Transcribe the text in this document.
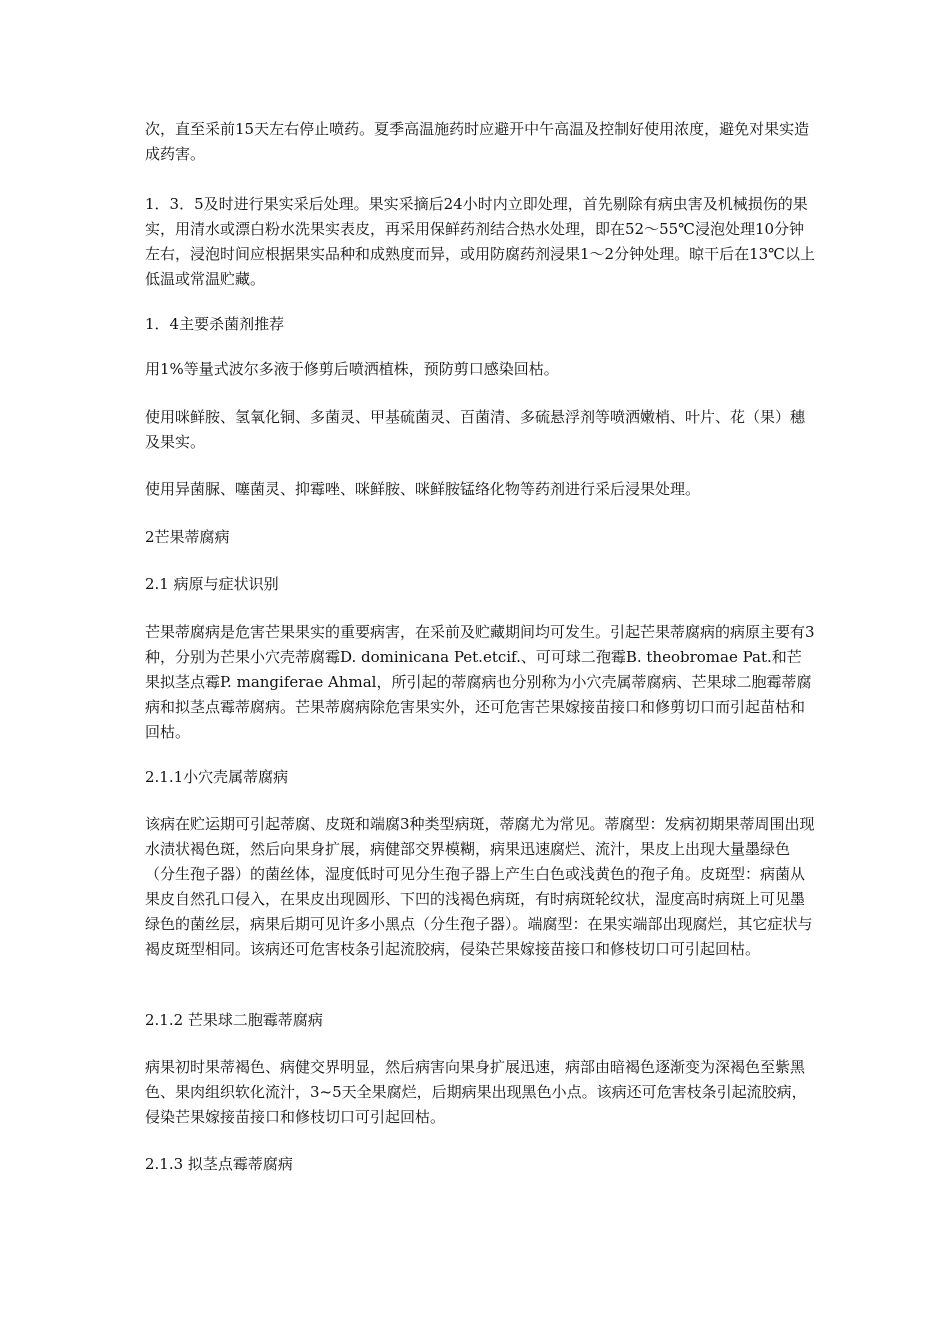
次，直至采前15天左右停止喷药。夏季高温施药时应避开中午高温及控制好使用浓度，避免对果实造成药害。

1．3．5及时进行果实采后处理。果实采摘后24小时内立即处理，首先剔除有病虫害及机械损伤的果实，用清水或漂白粉水洗果实表皮，再采用保鲜药剂结合热水处理，即在52～55℃浸泡处理10分钟左右，浸泡时间应根据果实品种和成熟度而异，或用防腐药剂浸果1～2分钟处理。晾干后在13℃以上低温或常温贮藏。

1．4主要杀菌剂推荐

用1%等量式波尔多液于修剪后喷洒植株，预防剪口感染回枯。

使用咪鲜胺、氢氧化铜、多菌灵、甲基硫菌灵、百菌清、多硫悬浮剂等喷洒嫩梢、叶片、花（果）穗及果实。

使用异菌脲、噻菌灵、抑霉唑、咪鲜胺、咪鲜胺锰络化物等药剂进行采后浸果处理。

2芒果蒂腐病

2.1 病原与症状识别

芒果蒂腐病是危害芒果果实的重要病害，在采前及贮藏期间均可发生。引起芒果蒂腐病的病原主要有3种，分别为芒果小穴壳蒂腐霉D. dominicana Pet.etcif.、可可球二孢霉B. theobromae Pat.和芒果拟茎点霉P. mangiferae Ahmal，所引起的蒂腐病也分别称为小穴壳属蒂腐病、芒果球二胞霉蒂腐病和拟茎点霉蒂腐病。芒果蒂腐病除危害果实外，还可危害芒果嫁接苗接口和修剪切口而引起苗枯和回枯。

2.1.1小穴壳属蒂腐病

该病在贮运期可引起蒂腐、皮斑和端腐3种类型病斑，蒂腐尤为常见。蒂腐型：发病初期果蒂周围出现水渍状褐色斑，然后向果身扩展，病健部交界模糊，病果迅速腐烂、流汁，果皮上出现大量墨绿色（分生孢子器）的菌丝体，湿度低时可见分生孢子器上产生白色或浅黄色的孢子角。皮斑型：病菌从果皮自然孔口侵入，在果皮出现圆形、下凹的浅褐色病斑，有时病斑轮纹状，湿度高时病斑上可见墨绿色的菌丝层，病果后期可见许多小黑点（分生孢子器）。端腐型：在果实端部出现腐烂，其它症状与褐皮斑型相同。该病还可危害枝条引起流胶病，侵染芒果嫁接苗接口和修枝切口可引起回枯。

2.1.2 芒果球二胞霉蒂腐病

病果初时果蒂褐色、病健交界明显，然后病害向果身扩展迅速，病部由暗褐色逐渐变为深褐色至紫黑色、果肉组织软化流汁，3~5天全果腐烂，后期病果出现黑色小点。该病还可危害枝条引起流胶病，侵染芒果嫁接苗接口和修枝切口可引起回枯。

2.1.3 拟茎点霉蒂腐病
